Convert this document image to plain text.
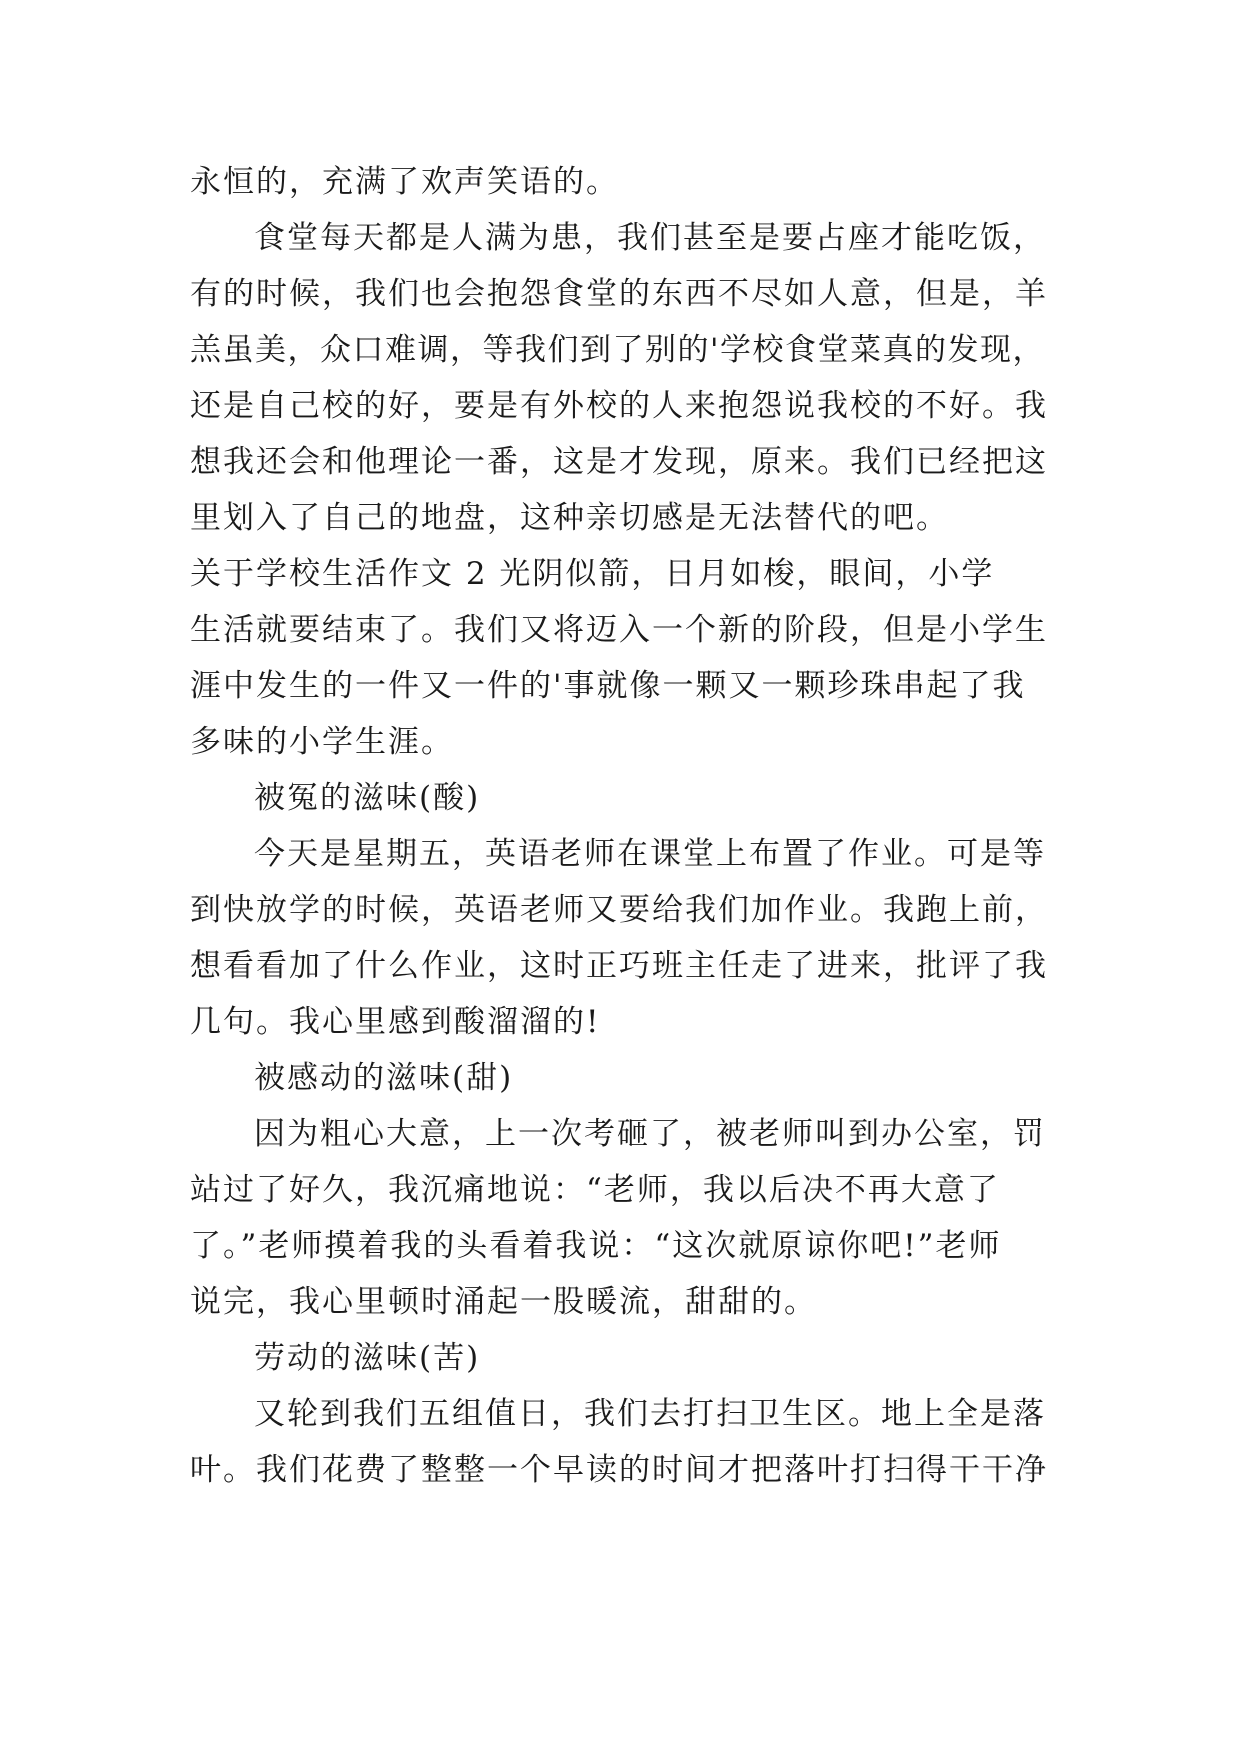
永恒的，充满了欢声笑语的。
食堂每天都是人满为患，我们甚至是要占座才能吃饭，
有的时候，我们也会抱怨食堂的东西不尽如人意，但是，羊
羔虽美，众口难调，等我们到了别的'学校食堂菜真的发现，
还是自己校的好，要是有外校的人来抱怨说我校的不好。我
想我还会和他理论一番，这是才发现，原来。我们已经把这
里划入了自己的地盘，这种亲切感是无法替代的吧。
关于学校生活作文 2 光阴似箭，日月如梭，眼间，小学
生活就要结束了。我们又将迈入一个新的阶段，但是小学生
涯中发生的一件又一件的'事就像一颗又一颗珍珠串起了我
多味的小学生涯。
被冤的滋味(酸)
今天是星期五，英语老师在课堂上布置了作业。可是等
到快放学的时候，英语老师又要给我们加作业。我跑上前，
想看看加了什么作业，这时正巧班主任走了进来，批评了我
几句。我心里感到酸溜溜的!
被感动的滋味(甜)
因为粗心大意，上一次考砸了，被老师叫到办公室，罚
站过了好久，我沉痛地说：“老师，我以后决不再大意了
了。”老师摸着我的头看着我说：“这次就原谅你吧!”老师
说完，我心里顿时涌起一股暖流，甜甜的。
劳动的滋味(苦)
又轮到我们五组值日，我们去打扫卫生区。地上全是落
叶。我们花费了整整一个早读的时间才把落叶打扫得干干净
